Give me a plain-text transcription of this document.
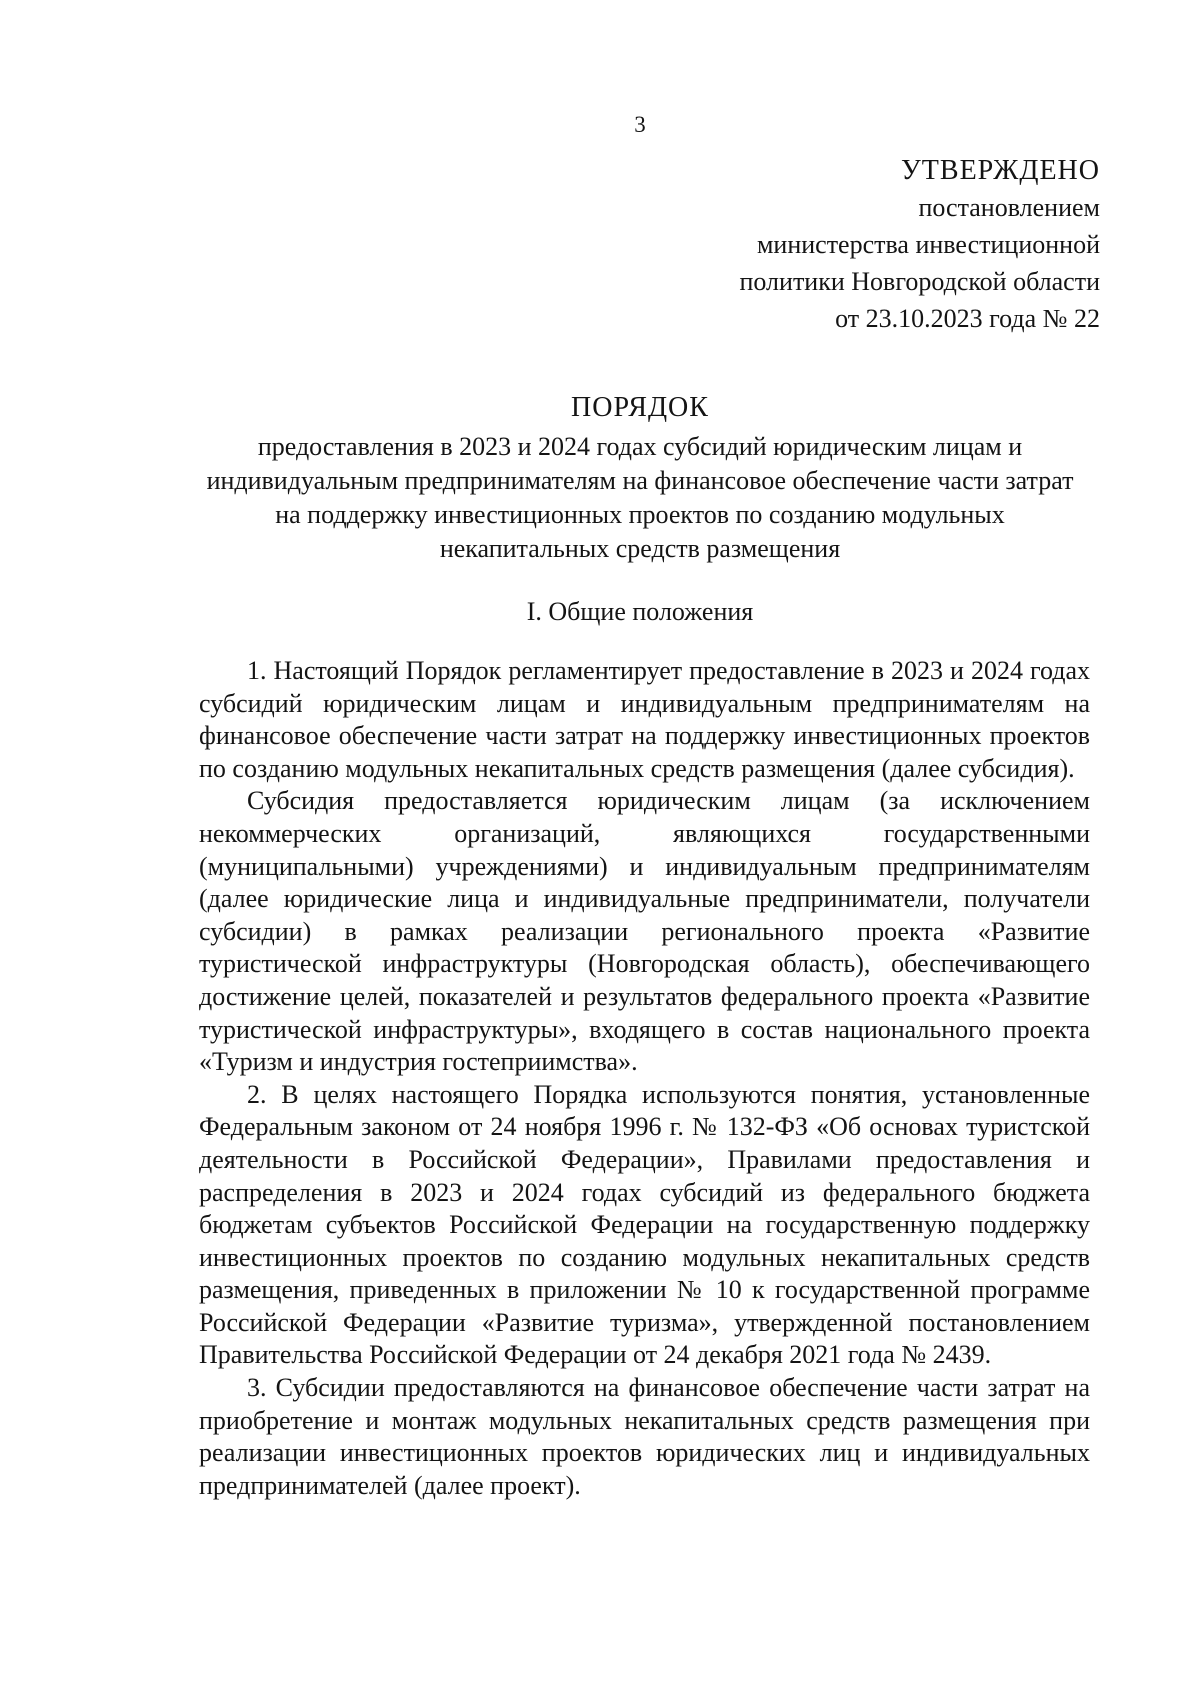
3
УТВЕРЖДЕНО
постановлением
министерства инвестиционной
политики Новгородской области
от 23.10.2023 года № 22
ПОРЯДОК
предоставления в 2023 и 2024 годах субсидий юридическим лицам и индивидуальным предпринимателям на финансовое обеспечение части затрат на поддержку инвестиционных проектов по созданию модульных некапитальных средств размещения
I. Общие положения

1. Настоящий Порядок регламентирует предоставление в 2023 и 2024 годах субсидий юридическим лицам и индивидуальным предпринимателям на финансовое обеспечение части затрат на поддержку инвестиционных проектов по созданию модульных некапитальных средств размещения (далее субсидия).

Субсидия предоставляется юридическим лицам (за исключением некоммерческих организаций, являющихся государственными (муниципальными) учреждениями) и индивидуальным предпринимателям (далее юридические лица и индивидуальные предприниматели, получатели субсидии) в рамках реализации регионального проекта «Развитие туристической инфраструктуры (Новгородская область), обеспечивающего достижение целей, показателей и результатов федерального проекта «Развитие туристической инфраструктуры», входящего в состав национального проекта «Туризм и индустрия гостеприимства».

2. В целях настоящего Порядка используются понятия, установленные Федеральным законом от 24 ноября 1996 г. № 132-ФЗ «Об основах туристской деятельности в Российской Федерации», Правилами предоставления и распределения в 2023 и 2024 годах субсидий из федерального бюджета бюджетам субъектов Российской Федерации на государственную поддержку инвестиционных проектов по созданию модульных некапитальных средств размещения, приведенных в приложении № 10 к государственной программе Российской Федерации «Развитие туризма», утвержденной постановлением Правительства Российской Федерации от 24 декабря 2021 года № 2439.

3. Субсидии предоставляются на финансовое обеспечение части затрат на приобретение и монтаж модульных некапитальных средств размещения при реализации инвестиционных проектов юридических лиц и индивидуальных предпринимателей (далее проект).
